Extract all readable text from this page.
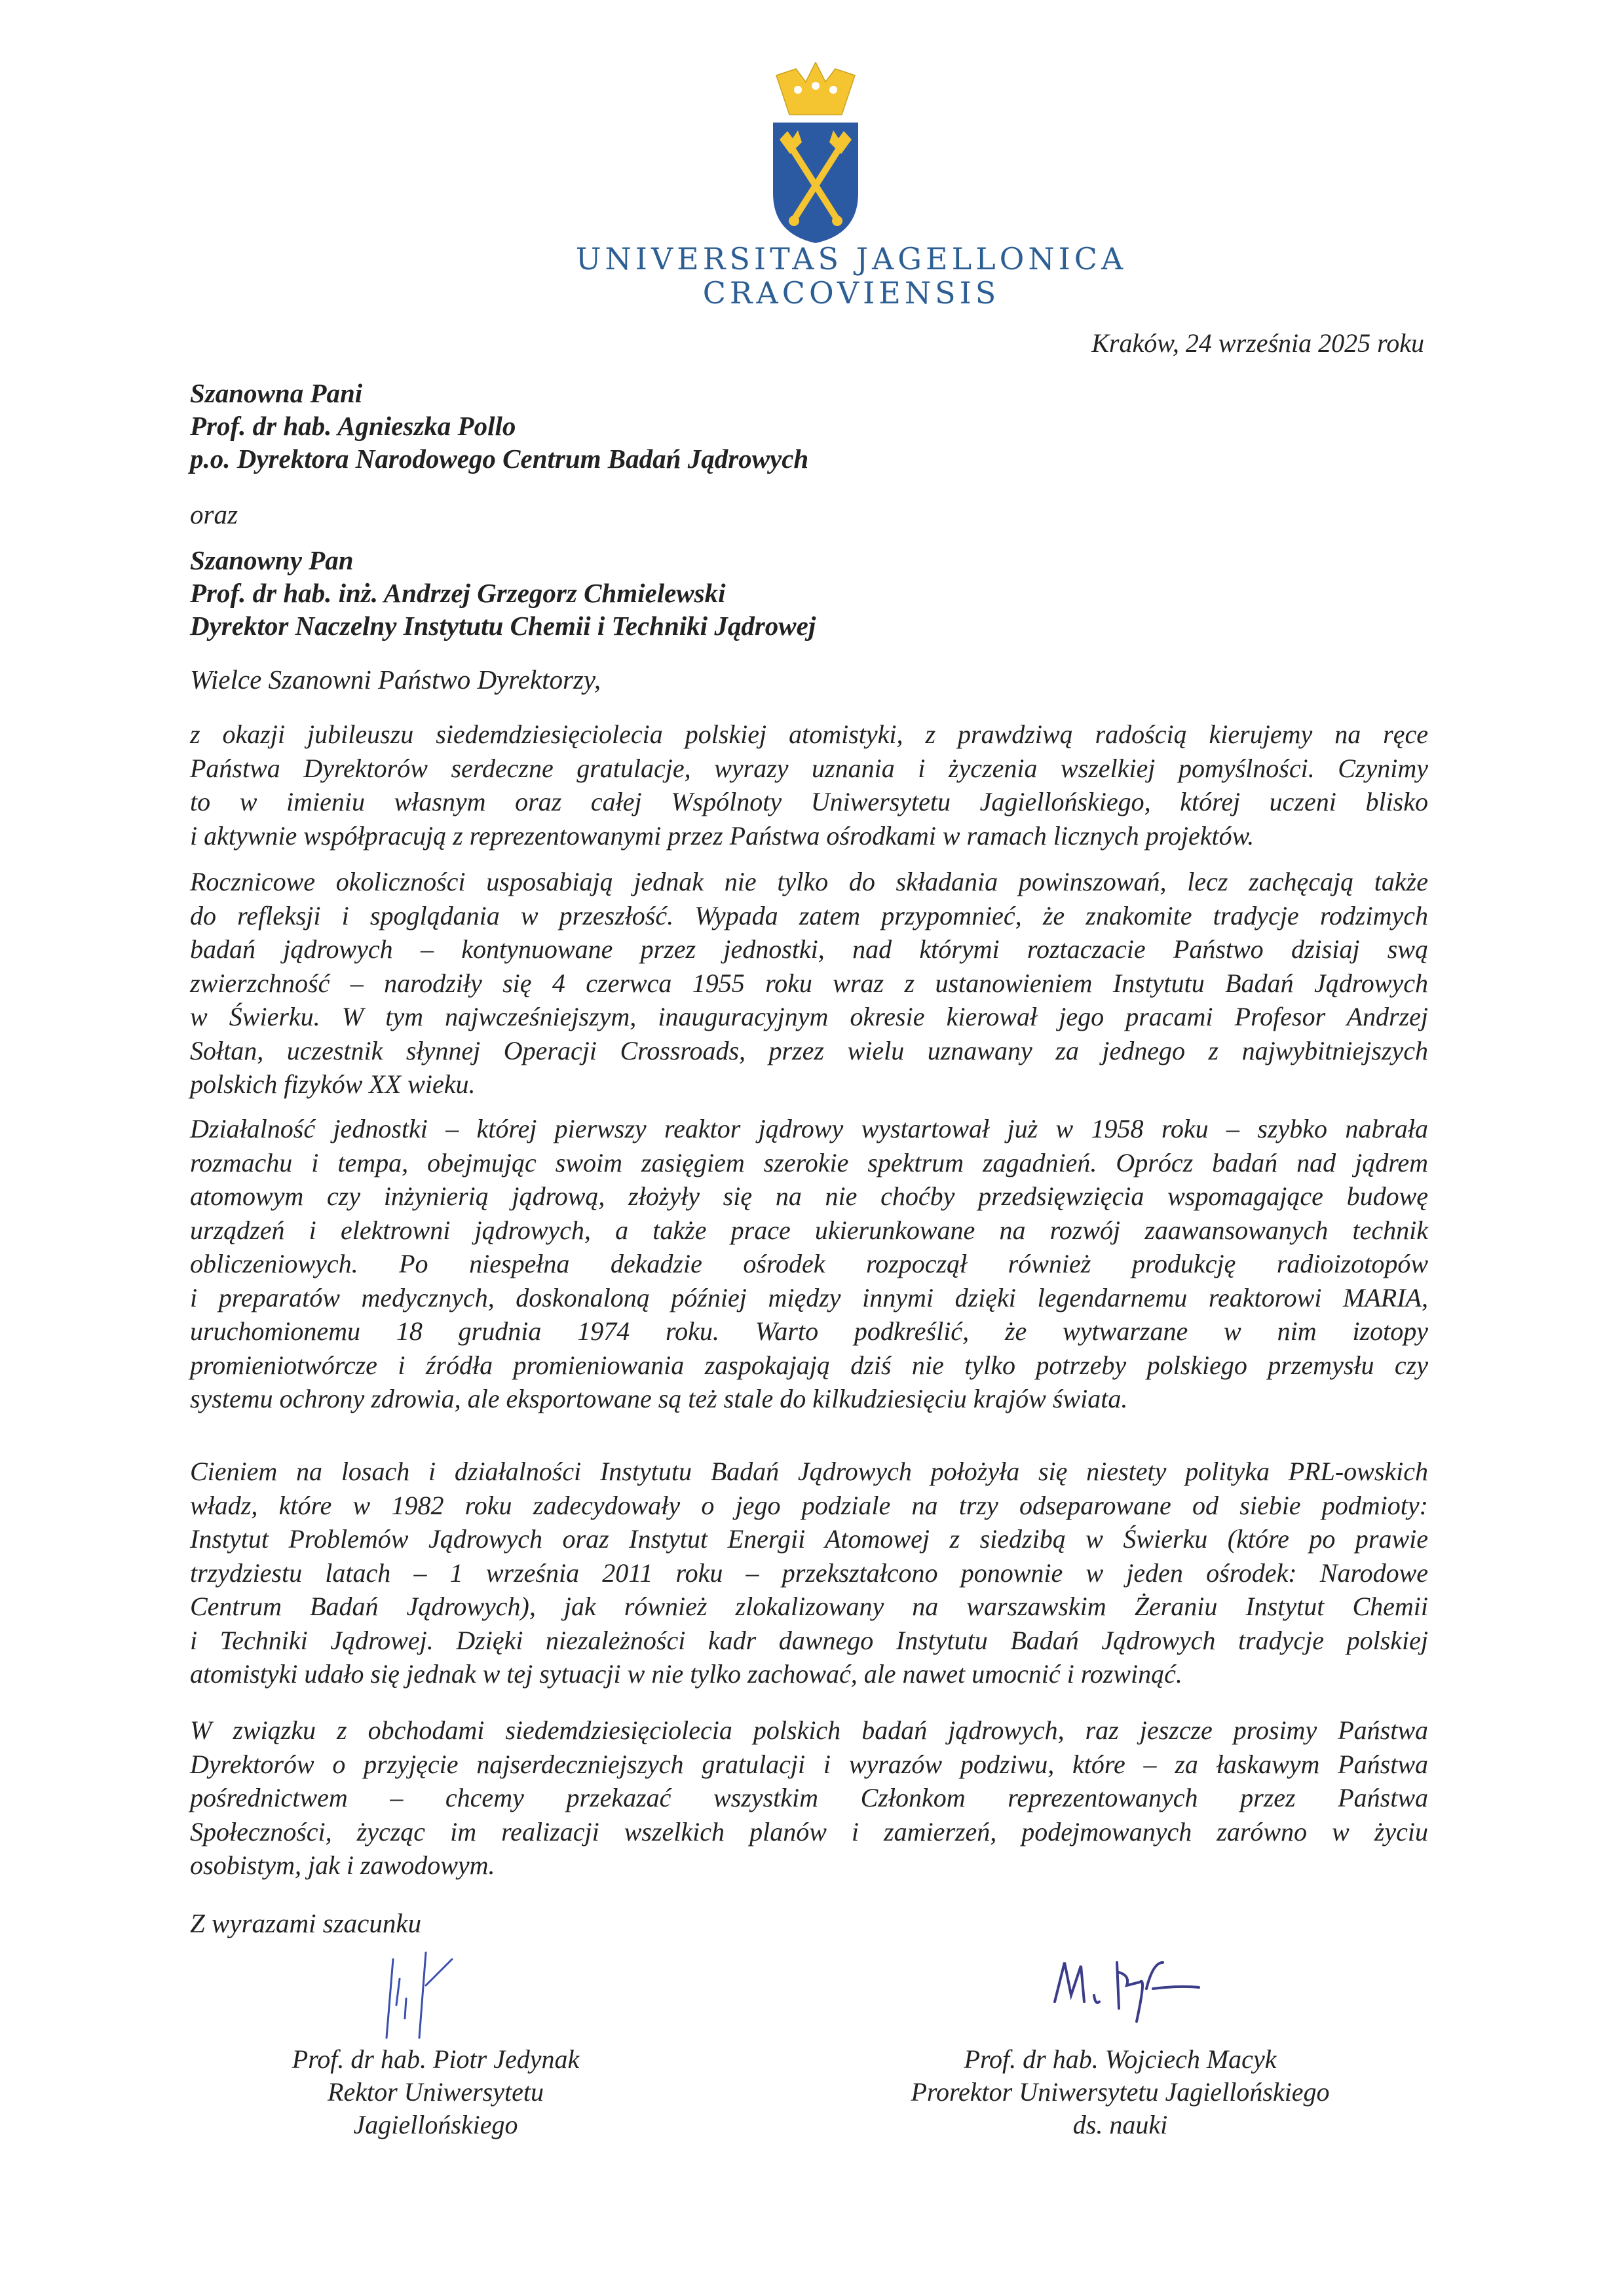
UNIVERSITAS JAGELLONICA
CRACOVIENSIS
Kraków, 24 września 2025 roku
Szanowna Pani
Prof. dr hab. Agnieszka Pollo
p.o. Dyrektora Narodowego Centrum Badań Jądrowych
oraz
Szanowny Pan
Prof. dr hab. inż. Andrzej Grzegorz Chmielewski
Dyrektor Naczelny Instytutu Chemii i Techniki Jądrowej
Wielce Szanowni Państwo Dyrektorzy,
z okazji jubileuszu siedemdziesięciolecia polskiej atomistyki, z prawdziwą radością kierujemy na ręce
Państwa Dyrektorów serdeczne gratulacje, wyrazy uznania i życzenia wszelkiej pomyślności. Czynimy
to w imieniu własnym oraz całej Wspólnoty Uniwersytetu Jagiellońskiego, której uczeni blisko
i aktywnie współpracują z reprezentowanymi przez Państwa ośrodkami w ramach licznych projektów.
Rocznicowe okoliczności usposabiają jednak nie tylko do składania powinszowań, lecz zachęcają także
do refleksji i spoglądania w przeszłość. Wypada zatem przypomnieć, że znakomite tradycje rodzimych
badań jądrowych – kontynuowane przez jednostki, nad którymi roztaczacie Państwo dzisiaj swą
zwierzchność – narodziły się 4 czerwca 1955 roku wraz z ustanowieniem Instytutu Badań Jądrowych
w Świerku. W tym najwcześniejszym, inauguracyjnym okresie kierował jego pracami Profesor Andrzej
Sołtan, uczestnik słynnej Operacji Crossroads, przez wielu uznawany za jednego z najwybitniejszych
polskich fizyków XX wieku.
Działalność jednostki – której pierwszy reaktor jądrowy wystartował już w 1958 roku – szybko nabrała
rozmachu i tempa, obejmując swoim zasięgiem szerokie spektrum zagadnień. Oprócz badań nad jądrem
atomowym czy inżynierią jądrową, złożyły się na nie choćby przedsięwzięcia wspomagające budowę
urządzeń i elektrowni jądrowych, a także prace ukierunkowane na rozwój zaawansowanych technik
obliczeniowych. Po niespełna dekadzie ośrodek rozpoczął również produkcję radioizotopów
i preparatów medycznych, doskonaloną później między innymi dzięki legendarnemu reaktorowi MARIA,
uruchomionemu 18 grudnia 1974 roku. Warto podkreślić, że wytwarzane w nim izotopy
promieniotwórcze i źródła promieniowania zaspokajają dziś nie tylko potrzeby polskiego przemysłu czy
systemu ochrony zdrowia, ale eksportowane są też stale do kilkudziesięciu krajów świata.
Cieniem na losach i działalności Instytutu Badań Jądrowych położyła się niestety polityka PRL-owskich
władz, które w 1982 roku zadecydowały o jego podziale na trzy odseparowane od siebie podmioty:
Instytut Problemów Jądrowych oraz Instytut Energii Atomowej z siedzibą w Świerku (które po prawie
trzydziestu latach – 1 września 2011 roku – przekształcono ponownie w jeden ośrodek: Narodowe
Centrum Badań Jądrowych), jak również zlokalizowany na warszawskim Żeraniu Instytut Chemii
i Techniki Jądrowej. Dzięki niezależności kadr dawnego Instytutu Badań Jądrowych tradycje polskiej
atomistyki udało się jednak w tej sytuacji w nie tylko zachować, ale nawet umocnić i rozwinąć.
W związku z obchodami siedemdziesięciolecia polskich badań jądrowych, raz jeszcze prosimy Państwa
Dyrektorów o przyjęcie najserdeczniejszych gratulacji i wyrazów podziwu, które – za łaskawym Państwa
pośrednictwem – chcemy przekazać wszystkim Członkom reprezentowanych przez Państwa
Społeczności, życząc im realizacji wszelkich planów i zamierzeń, podejmowanych zarówno w życiu
osobistym, jak i zawodowym.
Z wyrazami szacunku
Prof. dr hab. Piotr Jedynak
Rektor Uniwersytetu Jagiellońskiego
Prof. dr hab. Wojciech Macyk
Prorektor Uniwersytetu Jagiellońskiego
ds. nauki
